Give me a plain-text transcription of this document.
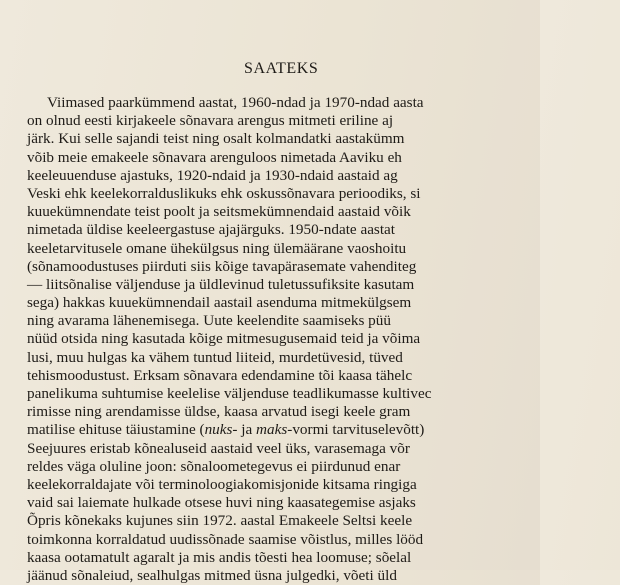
SAATEKS
Viimased paarkümmend aastat, 1960-ndad ja 1970-ndad aasta
on olnud eesti kirjakeele sõnavara arengus mitmeti eriline aj
järk. Kui selle sajandi teist ning osalt kolmandatki aastakümm
võib meie emakeele sõnavara arenguloos nimetada Aaviku eh
keeleuuenduse ajastuks, 1920-ndaid ja 1930-ndaid aastaid ag
Veski ehk keelekorralduslikuks ehk oskussõnavara perioodiks, si
kuuekümnendate teist poolt ja seitsmekümnendaid aastaid võik
nimetada üldise keeleergastuse ajajärguks. 1950-ndate aastat
keeletarvitusele omane ühekülgsus ning ülemäärane vaoshoitu
(sõnamoodustuses piirduti siis kõige tavapärasemate vahenditeg
— liitsõnalise väljenduse ja üldlevinud tuletussufiksite kasutam
sega) hakkas kuuekümnendail aastail asenduma mitmekülgsem
ning avarama lähenemisega. Uute keelendite saamiseks püü
nüüd otsida ning kasutada kõige mitmesugusemaid teid ja võima
lusi, muu hulgas ka vähem tuntud liiteid, murdetüvesid, tüved
tehismoodustust. Erksam sõnavara edendamine tõi kaasa tähelc
panelikuma suhtumise keelelise väljenduse teadlikumasse kultivec
rimisse ning arendamisse üldse, kaasa arvatud isegi keele gram
matilise ehituse täiustamine (nuks- ja maks-vormi tarvituselevõtt)
Seejuures eristab kõnealuseid aastaid veel üks, varasemaga võr
reldes väga oluline joon: sõnaloometegevus ei piirdunud enar
keelekorraldajate või terminoloogiakomisjonide kitsama ringiga
vaid sai laiemate hulkade otsese huvi ning kaasategemise asjaks
Õpris kõnekaks kujunes siin 1972. aastal Emakeele Seltsi keele
toimkonna korraldatud uudissõnade saamise võistlus, milles lööd
kaasa ootamatult agaralt ja mis andis tõesti hea loomuse; sõelal
jäänud sõnaleiud, sealhulgas mitmed üsna julgedki, võeti üld
